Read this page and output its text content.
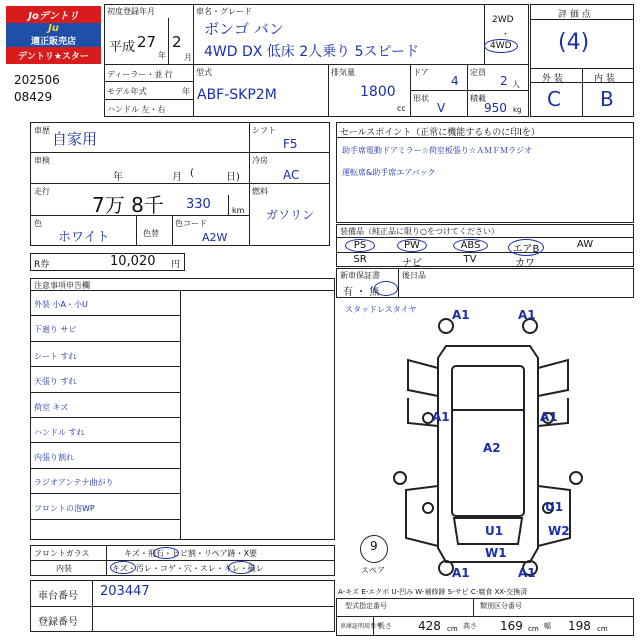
Joデントリ
Ju
適正販売店
デントリ★スター
202506
08429
初度登録年月
平成 27
年
2
月
車名・グレード
ボンゴ バン
4WD DX 低床 2人乗り 5スピード
2WD
・
4WD
ディーラー・並 行
モデル年式	年
ハンドル 左・右
型式
ABF-SKP2M
排気量
1800
cc
ドア
4
形状
V
定員
2 人
積載
950 kg
評 価 点
(4)
外 装	内 装
C B
車歴 自家用
車検
年	月 (	日)
走行
7万 8千 330	km
色
ホワイト	色替
色コード
A2W
シフト
F5
冷房
AC
燃料
ガソリン
R券	10,020 円
セールスポイント（正常に機能するものに印Iを）
助手席電動ドアミラー☆荷室板張り☆ＡＭＦＭラジオ
運転席&助手席エアバック
装備品（純正品に限り○をつけてください）
PS	PW	ABS	エアB	AW
SR	ナビ	TV	カワ
新車保証書
有 ・ 無
後日品
注意事項申告欄
外装 小A・小U
下廻り サビ
シート すれ
天張り すれ
荷室 キズ
ハンドル すれ
内張り割れ
ラジオアンテナ曲がり
フロントの泡WP
スタッドレスタイヤ	A1	A1
A1	A1
A2
U1
U1
W2
W1
A1	A1
9
スペア
フロントガラス	キズ・飛石・ヒビ割・リペア跡・X要
内装	キズ・汚レ・コゲ・穴・スレ・キレ・破レ
車台番号 203447
登録番号
A-キズ E-エクボ U-凹み W-補修跡 S-サビ C-腐食 XX-交換済
型式指定番号	類別区分番号
車庫証明用参考
長さ 428 cm 高さ 169 cm 幅 198 cm
